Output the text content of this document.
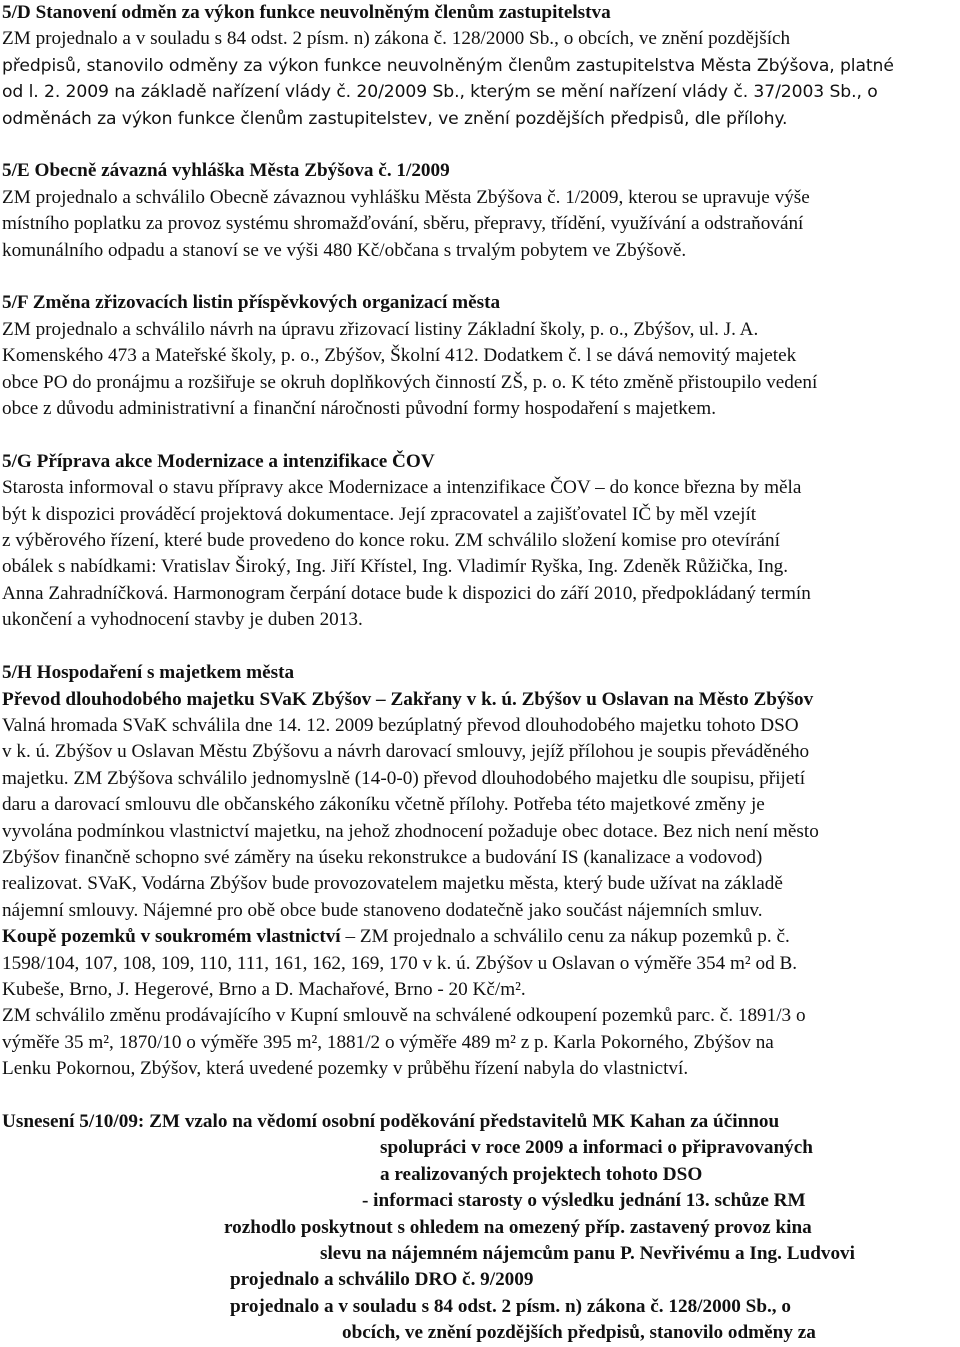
5/D Stanovení odměn za výkon funkce neuvolněným členům zastupitelstva
ZM projednalo a v souladu s 84 odst. 2 písm. n) zákona č. 128/2000 Sb., o obcích, ve znění pozdějších
předpisů, stanovilo odměny za výkon funkce neuvolněným členům zastupitelstva Města Zbýšova, platné
od l. 2. 2009 na základě nařízení vlády č. 20/2009 Sb., kterým se mění nařízení vlády č. 37/2003 Sb., o
odměnách za výkon funkce členům zastupitelstev, ve znění pozdějších předpisů, dle přílohy.
5/E Obecně závazná vyhláška Města Zbýšova č. 1/2009
ZM projednalo a schválilo Obecně závaznou vyhlášku Města Zbýšova č. 1/2009, kterou se upravuje výše
místního poplatku za provoz systému shromažďování, sběru, přepravy, třídění, využívání a odstraňování
komunálního odpadu a stanoví se ve výši 480 Kč/občana s trvalým pobytem ve Zbýšově.
5/F Změna zřizovacích listin příspěvkových organizací města
ZM projednalo a schválilo návrh na úpravu zřizovací listiny Základní školy, p. o., Zbýšov, ul. J. A.
Komenského 473 a Mateřské školy, p. o., Zbýšov, Školní 412. Dodatkem č. l se dává nemovitý majetek
obce PO do pronájmu a rozšiřuje se okruh doplňkových činností ZŠ, p. o. K této změně přistoupilo vedení
obce z důvodu administrativní a finanční náročnosti původní formy hospodaření s majetkem.
5/G Příprava akce Modernizace a intenzifikace ČOV
Starosta informoval o stavu přípravy akce Modernizace a intenzifikace ČOV – do konce března by měla
být k dispozici prováděcí projektová dokumentace. Její zpracovatel a zajišťovatel IČ by měl vzejít
z výběrového řízení, které bude provedeno do konce roku. ZM schválilo složení komise pro otevírání
obálek s nabídkami: Vratislav Široký, Ing. Jiří Křístel, Ing. Vladimír Ryška, Ing. Zdeněk Růžička, Ing.
Anna Zahradníčková. Harmonogram čerpání dotace bude k dispozici do září 2010, předpokládaný termín
ukončení a vyhodnocení stavby je duben 2013.
5/H Hospodaření s majetkem města
Převod dlouhodobého majetku SVaK Zbýšov – Zakřany v k. ú. Zbýšov u Oslavan na Město Zbýšov
Valná hromada SVaK schválila dne 14. 12. 2009 bezúplatný převod dlouhodobého majetku tohoto DSO
v k. ú. Zbýšov u Oslavan Městu Zbýšovu a návrh darovací smlouvy, jejíž přílohou je soupis převáděného
majetku. ZM Zbýšova schválilo jednomyslně (14-0-0) převod dlouhodobého majetku dle soupisu, přijetí
daru a darovací smlouvu dle občanského zákoníku včetně přílohy. Potřeba této majetkové změny je
vyvolána podmínkou vlastnictví majetku, na jehož zhodnocení požaduje obec dotace. Bez nich není město
Zbýšov finančně schopno své záměry na úseku rekonstrukce a budování IS (kanalizace a vodovod)
realizovat. SVaK, Vodárna Zbýšov bude provozovatelem majetku města, který bude užívat na základě
nájemní smlouvy. Nájemné pro obě obce bude stanoveno dodatečně jako součást nájemních smluv.
Koupě pozemků v soukromém vlastnictví – ZM projednalo a schválilo cenu za nákup pozemků p. č.
1598/104, 107, 108, 109, 110, 111, 161, 162, 169, 170 v k. ú. Zbýšov u Oslavan o výměře 354 m² od B.
Kubeše, Brno, J. Hegerové, Brno a D. Machařové, Brno - 20 Kč/m².
ZM schválilo změnu prodávajícího v Kupní smlouvě na schválené odkoupení pozemků parc. č. 1891/3 o
výměře 35 m², 1870/10 o výměře 395 m², 1881/2 o výměře 489 m² z p. Karla Pokorného, Zbýšov na
Lenku Pokornou, Zbýšov, která uvedené pozemky v průběhu řízení nabyla do vlastnictví.
Usnesení 5/10/09: ZM vzalo na vědomí osobní poděkování představitelů MK Kahan za účinnou
spolupráci v roce 2009 a informaci o připravovaných
a realizovaných projektech tohoto DSO
- informaci starosty o výsledku jednání 13. schůze RM
rozhodlo poskytnout s ohledem na omezený příp. zastavený provoz kina
slevu na nájemném nájemcům panu P. Nevřivému a Ing. Ludvovi
projednalo a schválilo DRO č. 9/2009
projednalo a v souladu s 84 odst. 2 písm. n) zákona č. 128/2000 Sb., o
obcích, ve znění pozdějších předpisů, stanovilo odměny za
